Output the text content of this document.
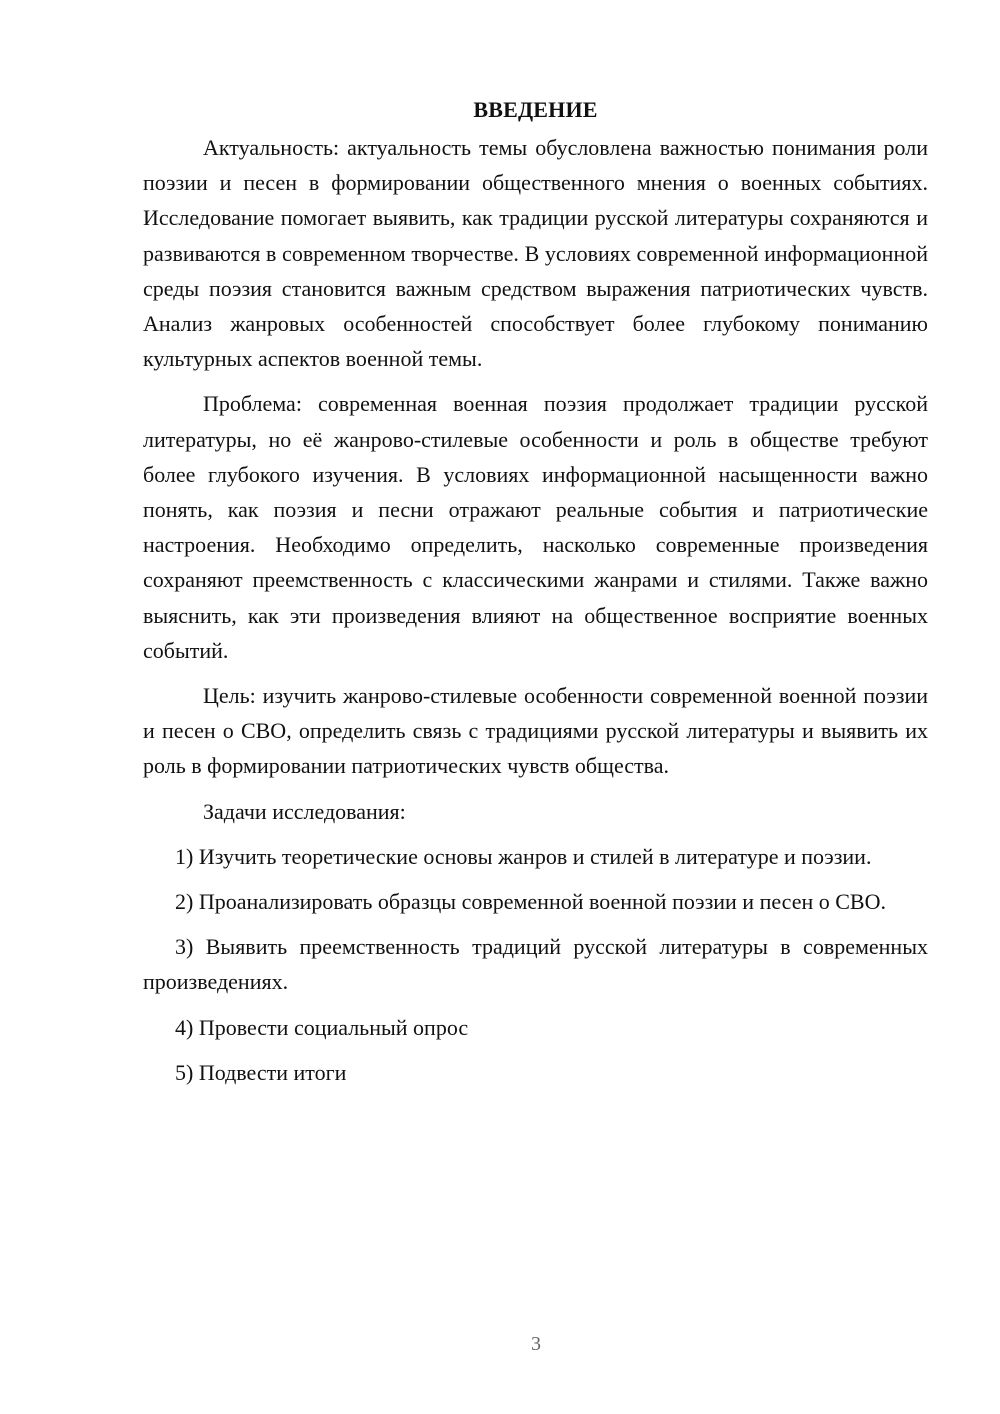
ВВЕДЕНИЕ

Актуальность: актуальность темы обусловлена важностью понимания роли поэзии и песен в формировании общественного мнения о военных событиях. Исследование помогает выявить, как традиции русской литературы сохраняются и развиваются в современном творчестве. В условиях современной информационной среды поэзия становится важным средством выражения патриотических чувств. Анализ жанровых особенностей способствует более глубокому пониманию культурных аспектов военной темы.

Проблема: современная военная поэзия продолжает традиции русской литературы, но её жанрово-стилевые особенности и роль в обществе требуют более глубокого изучения. В условиях информационной насыщенности важно понять, как поэзия и песни отражают реальные события и патриотические настроения. Необходимо определить, насколько современные произведения сохраняют преемственность с классическими жанрами и стилями. Также важно выяснить, как эти произведения влияют на общественное восприятие военных событий.

Цель: изучить жанрово-стилевые особенности современной военной поэзии и песен о СВО, определить связь с традициями русской литературы и выявить их роль в формировании патриотических чувств общества.

Задачи исследования:

1) Изучить теоретические основы жанров и стилей в литературе и поэзии.

2) Проанализировать образцы современной военной поэзии и песен о СВО.

3) Выявить преемственность традиций русской литературы в современных произведениях.

4) Провести социальный опрос

5) Подвести итоги

3
